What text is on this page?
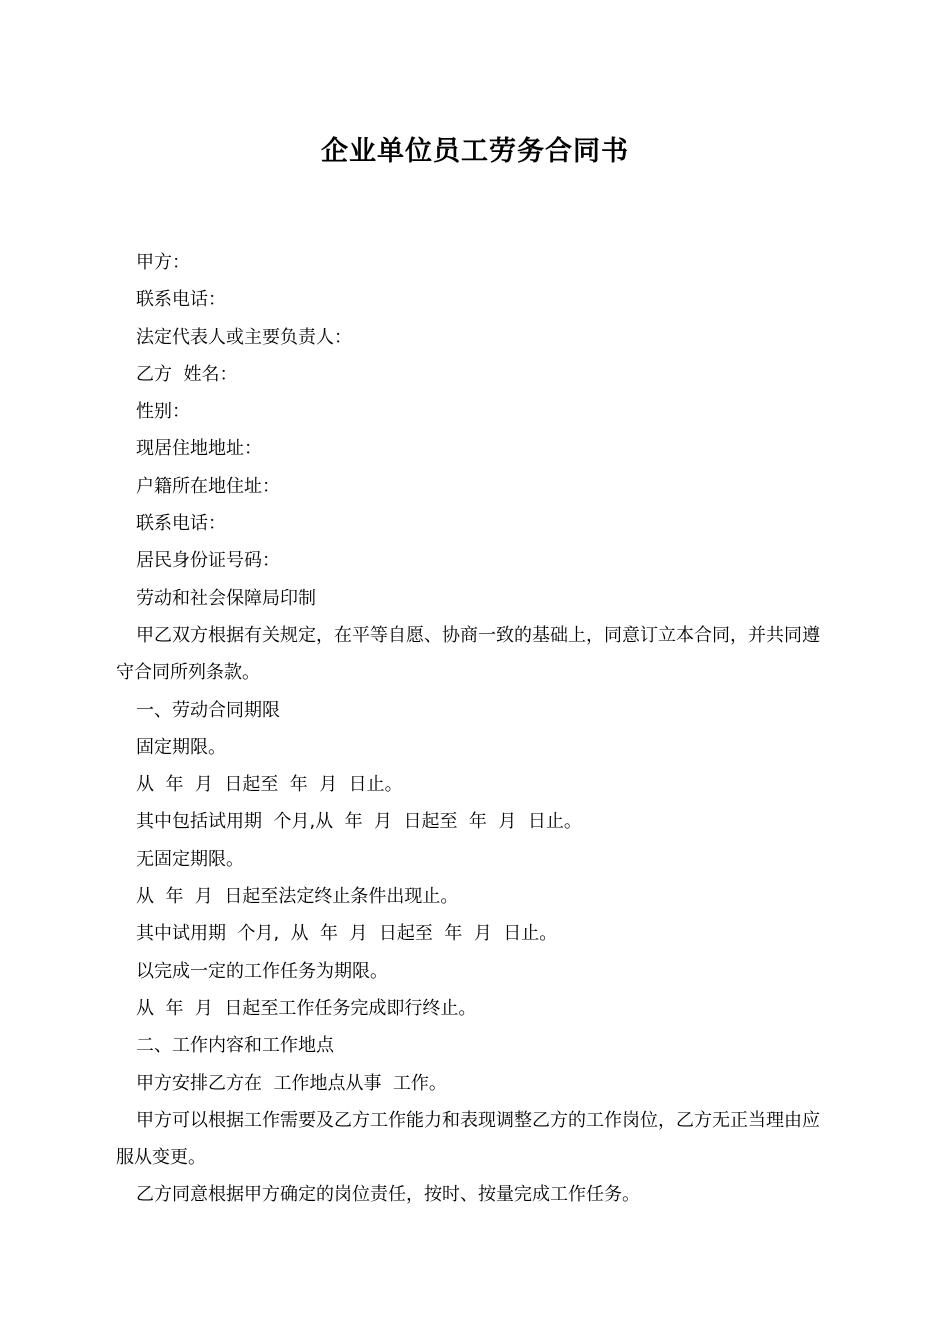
企业单位员工劳务合同书

甲方：

联系电话：

法定代表人或主要负责人：

乙方  姓名：

性别：

现居住地地址：

户籍所在地住址：

联系电话：

居民身份证号码：

劳动和社会保障局印制

甲乙双方根据有关规定，在平等自愿、协商一致的基础上，同意订立本合同，并共同遵守合同所列条款。

一、劳动合同期限

固定期限。

从  年  月  日起至  年  月  日止。

其中包括试用期  个月,从  年  月  日起至  年  月  日止。

无固定期限。

从  年  月  日起至法定终止条件出现止。

其中试用期  个月,  从  年  月  日起至  年  月  日止。

以完成一定的工作任务为期限。

从  年  月  日起至工作任务完成即行终止。

二、工作内容和工作地点

甲方安排乙方在  工作地点从事  工作。

甲方可以根据工作需要及乙方工作能力和表现调整乙方的工作岗位，乙方无正当理由应服从变更。

乙方同意根据甲方确定的岗位责任，按时、按量完成工作任务。
